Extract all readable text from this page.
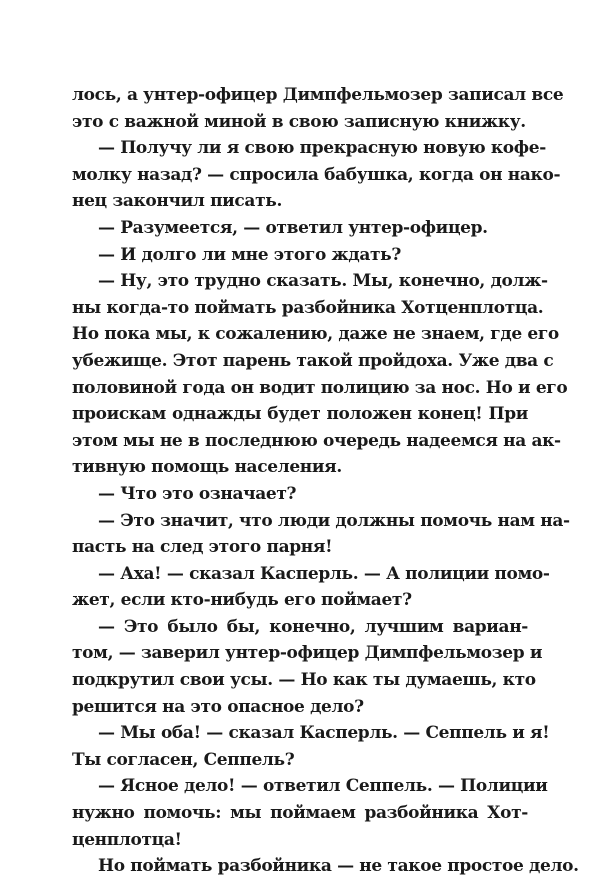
лось, а унтер-офицер Димпфельмозер записал все
это с важной миной в свою записную книжку.
— Получу ли я свою прекрасную новую кофе-
молку назад? — спросила бабушка, когда он нако-
нец закончил писать.
— Разумеется, — ответил унтер-офицер.
— И долго ли мне этого ждать?
— Ну, это трудно сказать. Мы, конечно, долж-
ны когда-то поймать разбойника Хотценплотца.
Но пока мы, к сожалению, даже не знаем, где его
убежище. Этот парень такой пройдоха. Уже два с
половиной года он водит полицию за нос. Но и его
проискам однажды будет положен конец! При
этом мы не в последнюю очередь надеемся на ак-
тивную помощь населения.
— Что это означает?
— Это значит, что люди должны помочь нам на-
пасть на след этого парня!
— Аха! — сказал Касперль. — А полиции помо-
жет, если кто-нибудь его поймает?
— Это было бы, конечно, лучшим вариан-
том, — заверил унтер-офицер Димпфельмозер и
подкрутил свои усы. — Но как ты думаешь, кто
решится на это опасное дело?
— Мы оба! — сказал Касперль. — Сеппель и я!
Ты согласен, Сеппель?
— Ясное дело! — ответил Сеппель. — Полиции
нужно помочь: мы поймаем разбойника Хот-
ценплотца!
Но поймать разбойника — не такое простое дело.
